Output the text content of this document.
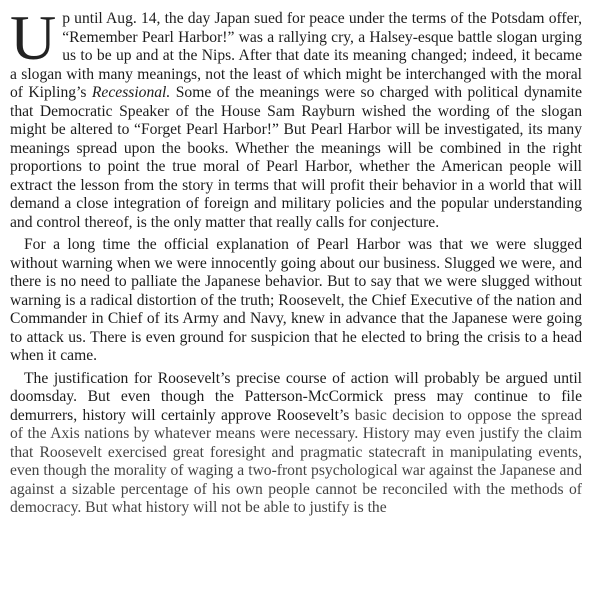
Up until Aug. 14, the day Japan sued for peace under the terms of the Potsdam offer, “Remember Pearl Harbor!” was a rallying cry, a Halsey-esque battle slogan urging us to be up and at the Nips. After that date its meaning changed; indeed, it became a slogan with many meanings, not the least of which might be interchanged with the moral of Kipling’s Recessional. Some of the meanings were so charged with political dynamite that Democratic Speaker of the House Sam Rayburn wished the wording of the slogan might be altered to “Forget Pearl Harbor!” But Pearl Harbor will be investigated, its many meanings spread upon the books. Whether the meanings will be combined in the right proportions to point the true moral of Pearl Harbor, whether the American people will extract the lesson from the story in terms that will profit their behavior in a world that will demand a close integration of foreign and military policies and the popular understanding and control thereof, is the only matter that really calls for conjecture.

For a long time the official explanation of Pearl Harbor was that we were slugged without warning when we were innocently going about our business. Slugged we were, and there is no need to palliate the Japanese behavior. But to say that we were slugged without warning is a radical distortion of the truth; Roosevelt, the Chief Executive of the nation and Commander in Chief of its Army and Navy, knew in advance that the Japanese were going to attack us. There is even ground for suspicion that he elected to bring the crisis to a head when it came.

The justification for Roosevelt’s precise course of action will probably be argued until doomsday. But even though the Patterson-McCormick press may continue to file demurrers, history will certainly approve Roosevelt’s basic decision to oppose the spread of the Axis nations by whatever means were necessary. History may even justify the claim that Roosevelt exercised great foresight and pragmatic statecraft in manipulating events, even though the morality of waging a two-front psychological war against the Japanese and against a sizable percentage of his own people cannot be reconciled with the methods of democracy. But what history will not be able to justify is the
